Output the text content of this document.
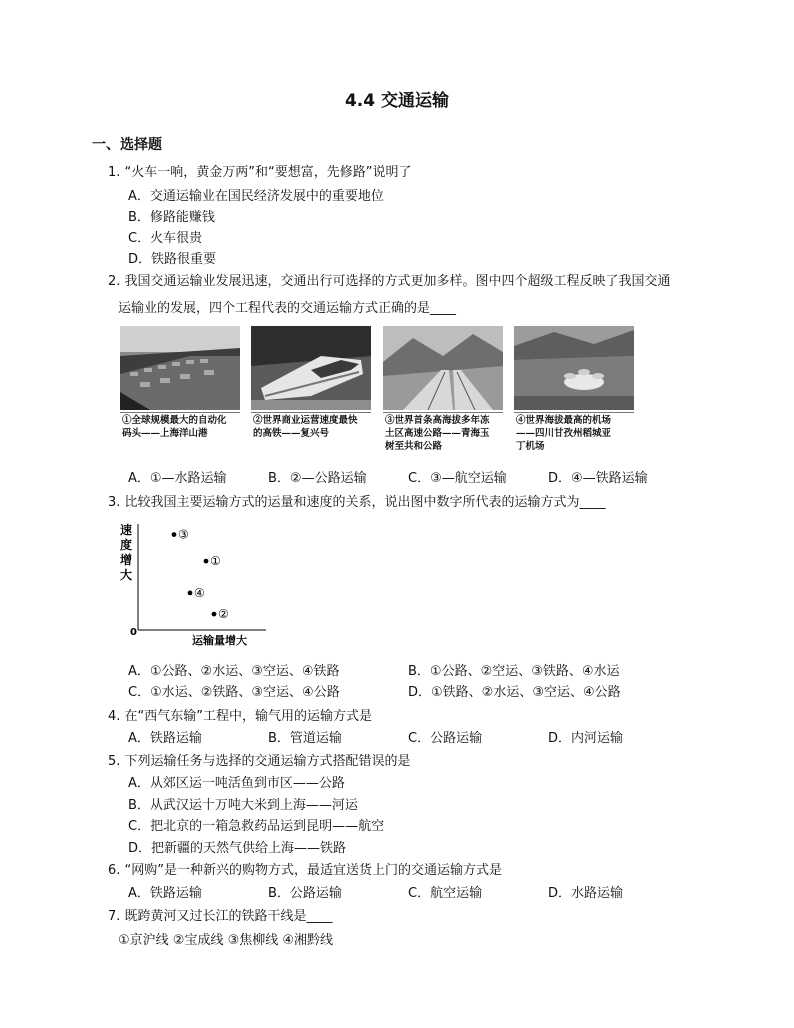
4.4 交通运输
一、选择题
1. “火车一响，黄金万两”和“要想富，先修路”说明了
A．交通运输业在国民经济发展中的重要地位
B．修路能赚钱
C．火车很贵
D．铁路很重要
2. 我国交通运输业发展迅速，交通出行可选择的方式更加多样。图中四个超级工程反映了我国交通
运输业的发展，四个工程代表的交通运输方式正确的是____
①全球规模最大的自动化
码头——上海洋山港
②世界商业运营速度最快
的高铁——复兴号
③世界首条高海拔多年冻
土区高速公路——青海玉
树至共和公路
④世界海拔最高的机场
——四川甘孜州稻城亚
丁机场
A．①—水路运输	B．②—公路运输	C．③—航空运输	D．④—铁路运输
3. 比较我国主要运输方式的运量和速度的关系，说出图中数字所代表的运输方式为____
速
度
增
大
0
运输量增大
③
①
④
②
A．①公路、②水运、③空运、④铁路	B．①公路、②空运、③铁路、④水运
C．①水运、②铁路、③空运、④公路	D．①铁路、②水运、③空运、④公路
4. 在“西气东输”工程中，输气用的运输方式是
A．铁路运输	B．管道运输	C．公路运输	D．内河运输
5. 下列运输任务与选择的交通运输方式搭配错误的是
A．从郊区运一吨活鱼到市区——公路
B．从武汉运十万吨大米到上海——河运
C．把北京的一箱急救药品运到昆明——航空
D．把新疆的天然气供给上海——铁路
6. “网购”是一种新兴的购物方式，最适宜送货上门的交通运输方式是
A．铁路运输	B．公路运输	C．航空运输	D．水路运输
7. 既跨黄河又过长江的铁路干线是____
①京沪线 ②宝成线 ③焦柳线 ④湘黔线
